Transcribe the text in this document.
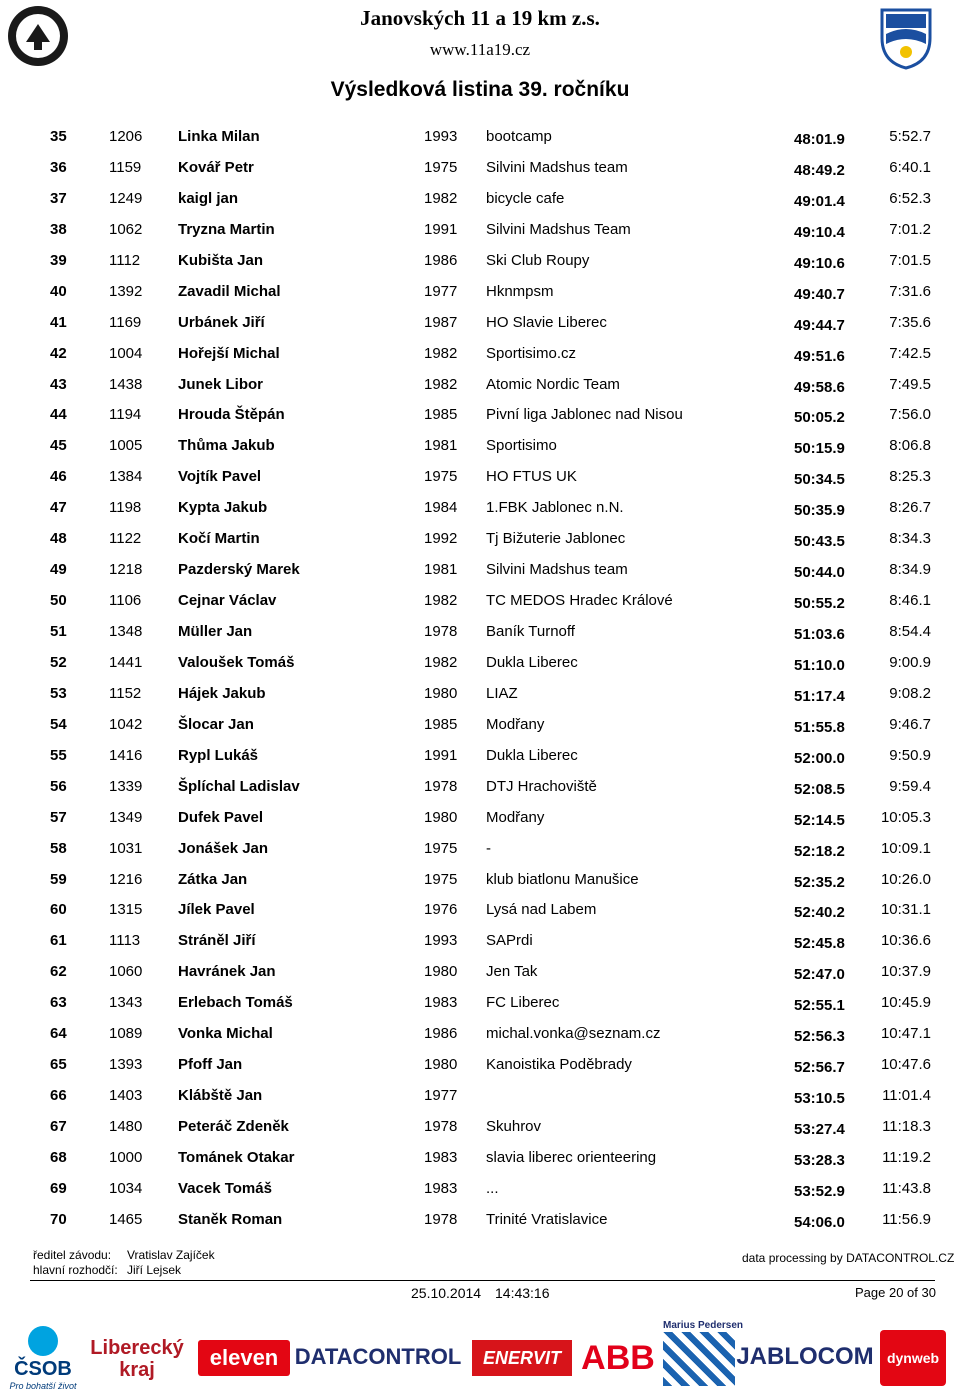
Janovských 11 a 19 km z.s.
www.11a19.cz
Výsledková listina 39. ročníku
35	1206 Linka Milan	1993 bootcamp	48:01.9	5:52.7
36	1159 Kovář Petr	1975 Silvini Madshus team	48:49.2	6:40.1
37	1249 kaigl jan	1982 bicycle cafe	49:01.4	6:52.3
38	1062 Tryzna Martin	1991 Silvini Madshus Team	49:10.4	7:01.2
39	1112	Kubišta Jan	1986 Ski Club Roupy	49:10.6	7:01.5
40	1392 Zavadil Michal	1977 Hknmpsm	49:40.7	7:31.6
41	1169 Urbánek Jiří	1987 HO Slavie Liberec	49:44.7	7:35.6
42	1004 Hořejší Michal	1982 Sportisimo.cz	49:51.6	7:42.5
43	1438 Junek Libor	1982 Atomic Nordic Team	49:58.6	7:49.5
44	1194 Hrouda Štěpán	1985 Pivní liga Jablonec nad Nisou	50:05.2	7:56.0
45	1005 Thůma Jakub	1981 Sportisimo	50:15.9	8:06.8
46	1384 Vojtík Pavel	1975 HO FTUS UK	50:34.5	8:25.3
47	1198 Kypta Jakub	1984 1.FBK Jablonec n.N.	50:35.9	8:26.7
48	1122 Kočí Martin	1992 Tj Bižuterie Jablonec	50:43.5	8:34.3
49	1218 Pazderský Marek	1981 Silvini Madshus team	50:44.0	8:34.9
50	1106 Cejnar Václav	1982 TC MEDOS Hradec Králové	50:55.2	8:46.1
51	1348 Müller Jan	1978 Baník Turnoff	51:03.6	8:54.4
52	1441 Valoušek Tomáš	1982 Dukla Liberec	51:10.0	9:00.9
53	1152 Hájek Jakub	1980 LIAZ	51:17.4	9:08.2
54	1042 Šlocar Jan	1985 Modřany	51:55.8	9:46.7
55	1416 Rypl Lukáš	1991 Dukla Liberec	52:00.0	9:50.9
56	1339 Šplíchal Ladislav	1978 DTJ Hrachoviště	52:08.5	9:59.4
57	1349 Dufek Pavel	1980 Modřany	52:14.5 10:05.3
58	1031 Jonášek Jan	1975 -	52:18.2 10:09.1
59	1216 Zátka Jan	1975 klub biatlonu Manušice	52:35.2 10:26.0
60	1315 Jílek Pavel	1976 Lysá nad Labem	52:40.2 10:31.1
61	1113	Stráněl Jiří	1993 SAPrdi	52:45.8 10:36.6
62	1060 Havránek Jan	1980 Jen Tak	52:47.0 10:37.9
63	1343 Erlebach Tomáš	1983 FC Liberec	52:55.1 10:45.9
64	1089 Vonka Michal	1986 michal.vonka@seznam.cz	52:56.3 10:47.1
65	1393 Pfoff Jan	1980 Kanoistika Poděbrady	52:56.7 10:47.6
66	1403 Klábště Jan	1977	53:10.5 11:01.4
67	1480 Peteráč Zdeněk	1978 Skuhrov	53:27.4 11:18.3
68	1000 Tománek Otakar	1983 slavia liberec orienteering	53:28.3 11:19.2
69	1034 Vacek Tomáš	1983 ...	53:52.9 11:43.8
70	1465 Staněk Roman	1978 Trinité Vratislavice	54:06.0 11:56.9
ředitel závodu: Vratislav Zajíček
hlavní rozhodčí: Jiří Lejsek
data processing by DATACONTROL.CZ
25.10.2014 14:43:16	Page 20 of 30
ČSOB
Pro bohatší život
Liberecký
kraj	eleven DATACONTROL	ENERVIT ABB
Marius Pedersen
JABLOCOM dynweb
